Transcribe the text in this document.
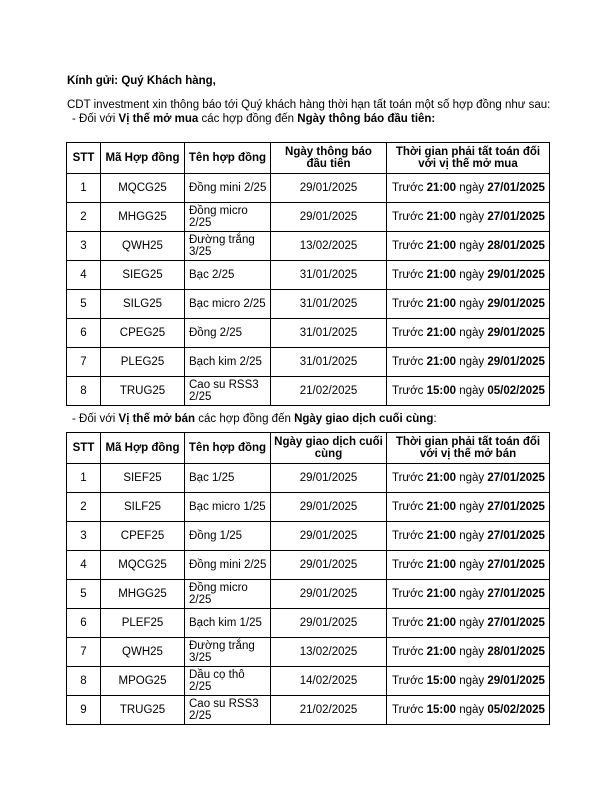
Kính gửi: Quý Khách hàng,
CDT investment xin thông báo tới Quý khách hàng thời hạn tất toán một số hợp đồng như sau:
- Đối với Vị thế mở mua các hợp đồng đến Ngày thông báo đầu tiên:
STT	Mã Hợp đồng	Tên hợp đồng	Ngày thông báo đầu tiên	Thời gian phải tất toán đối với vị thế mở mua
1	MQCG25	Đồng mini 2/25	29/01/2025	Trước 21:00 ngày 27/01/2025
2	MHGG25	Đồng micro 2/25	29/01/2025	Trước 21:00 ngày 27/01/2025
3	QWH25	Đường trắng 3/25	13/02/2025	Trước 21:00 ngày 28/01/2025
4	SIEG25	Bạc 2/25	31/01/2025	Trước 21:00 ngày 29/01/2025
5	SILG25	Bạc micro 2/25	31/01/2025	Trước 21:00 ngày 29/01/2025
6	CPEG25	Đồng 2/25	31/01/2025	Trước 21:00 ngày 29/01/2025
7	PLEG25	Bạch kim 2/25	31/01/2025	Trước 21:00 ngày 29/01/2025
8	TRUG25	Cao su RSS3 2/25	21/02/2025	Trước 15:00 ngày 05/02/2025
- Đối với Vị thế mở bán các hợp đồng đến Ngày giao dịch cuối cùng:
STT	Mã Hợp đồng	Tên hợp đồng	Ngày giao dịch cuối cùng	Thời gian phải tất toán đối với vị thế mở bán
1	SIEF25	Bạc 1/25	29/01/2025	Trước 21:00 ngày 27/01/2025
2	SILF25	Bạc micro 1/25	29/01/2025	Trước 21:00 ngày 27/01/2025
3	CPEF25	Đồng 1/25	29/01/2025	Trước 21:00 ngày 27/01/2025
4	MQCG25	Đồng mini 2/25	29/01/2025	Trước 21:00 ngày 27/01/2025
5	MHGG25	Đồng micro 2/25	29/01/2025	Trước 21:00 ngày 27/01/2025
6	PLEF25	Bạch kim 1/25	29/01/2025	Trước 21:00 ngày 27/01/2025
7	QWH25	Đường trắng 3/25	13/02/2025	Trước 21:00 ngày 28/01/2025
8	MPOG25	Dầu cọ thô 2/25	14/02/2025	Trước 15:00 ngày 29/01/2025
9	TRUG25	Cao su RSS3 2/25	21/02/2025	Trước 15:00 ngày 05/02/2025
